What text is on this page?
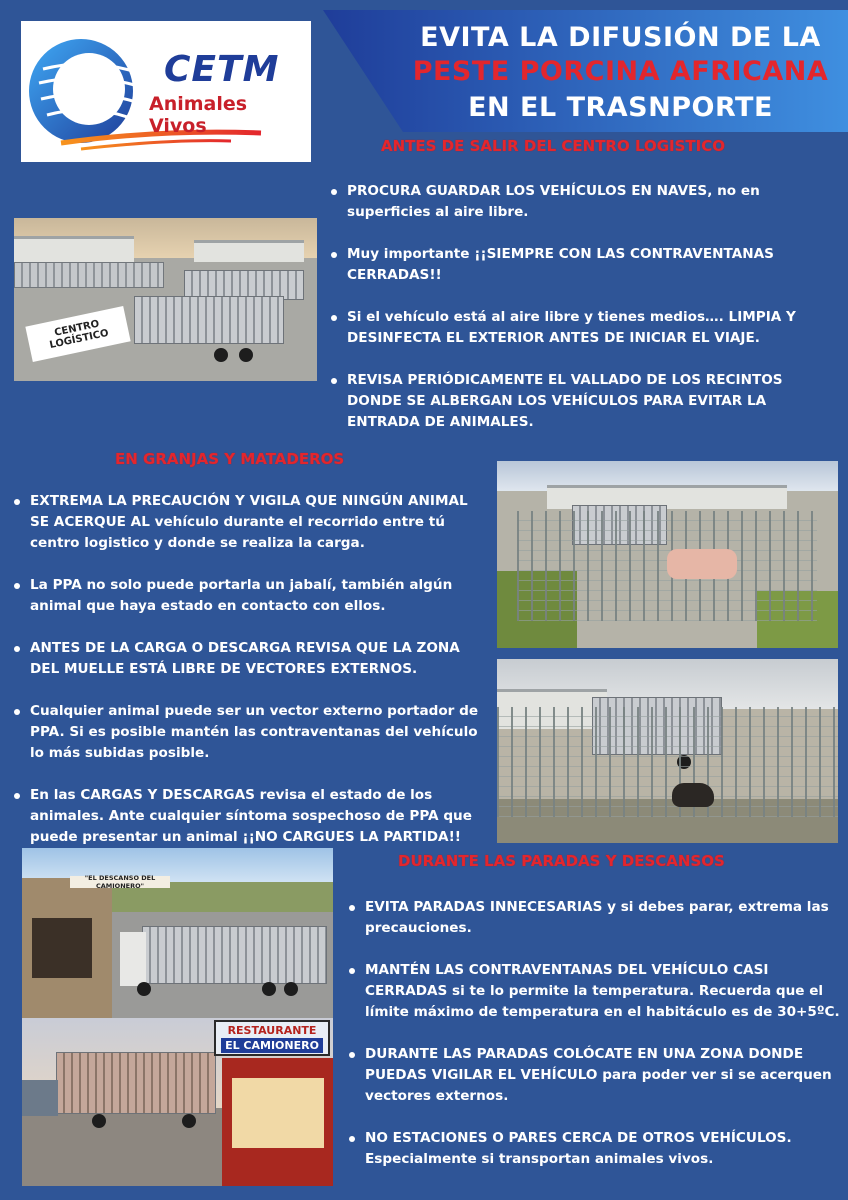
CETM
Animales Vivos
EVITA LA DIFUSIÓN DE LA
PESTE PORCINA AFRICANA
EN EL TRASNPORTE
ANTES DE SALIR DEL CENTRO LOGISTICO
CENTRO LOGÍSTICO
PROCURA GUARDAR LOS VEHÍCULOS EN NAVES, no en superficies al aire libre.
Muy importante ¡¡SIEMPRE CON LAS CONTRAVENTANAS CERRADAS!!
Si el vehículo está al aire libre y tienes medios…. LIMPIA Y DESINFECTA EL EXTERIOR ANTES DE INICIAR EL VIAJE.
REVISA PERIÓDICAMENTE EL VALLADO DE LOS RECINTOS DONDE SE ALBERGAN LOS VEHÍCULOS PARA EVITAR LA ENTRADA DE ANIMALES.
EN GRANJAS Y MATADEROS
EXTREMA LA PRECAUCIÓN Y VIGILA QUE NINGÚN ANIMAL SE ACERQUE AL vehículo durante el recorrido entre tú centro logistico y donde se realiza la carga.
La PPA no solo puede portarla un jabalí, también algún animal que haya estado en contacto con ellos.
ANTES DE LA CARGA O DESCARGA REVISA QUE LA ZONA DEL MUELLE ESTÁ LIBRE DE VECTORES EXTERNOS.
Cualquier animal puede ser un vector externo portador de PPA. Si es posible mantén las contraventanas del vehículo lo más subidas posible.
En las CARGAS Y DESCARGAS revisa el estado de los animales. Ante cualquier síntoma sospechoso de PPA que puede presentar un animal ¡¡NO CARGUES LA PARTIDA!!
"EL DESCANSO DEL CAMIONERO"
RESTAURANTE
EL CAMIONERO
DURANTE LAS PARADAS Y DESCANSOS
EVITA PARADAS INNECESARIAS y si debes parar, extrema las precauciones.
MANTÉN LAS CONTRAVENTANAS DEL VEHÍCULO CASI CERRADAS si te lo permite la temperatura. Recuerda que el límite máximo de temperatura en el habitáculo es de 30+5ºC.
DURANTE LAS PARADAS COLÓCATE EN UNA ZONA DONDE PUEDAS VIGILAR EL VEHÍCULO para poder ver si se acerquen vectores externos.
NO ESTACIONES O PARES CERCA DE OTROS VEHÍCULOS. Especialmente si transportan animales vivos.
